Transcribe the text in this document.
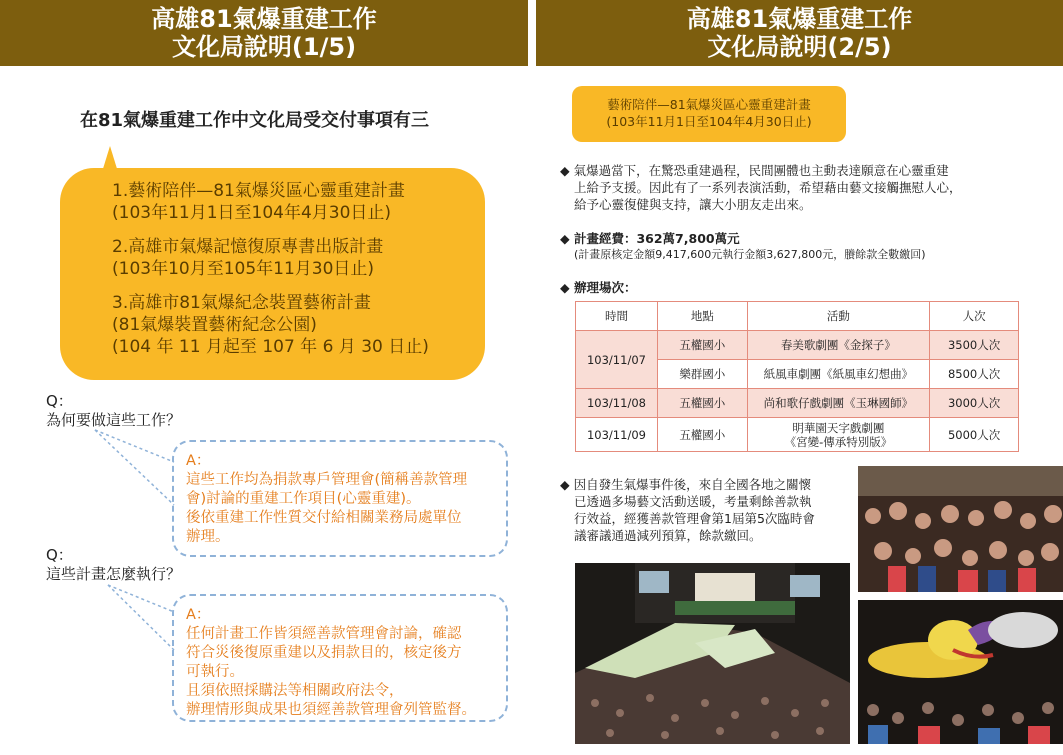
高雄81氣爆重建工作
文化局說明(1/5)
高雄81氣爆重建工作
文化局說明(2/5)
在81氣爆重建工作中文化局受交付事項有三
1.藝術陪伴—81氣爆災區心靈重建計畫
(103年11月1日至104年4月30日止)
2.高雄市氣爆記憶復原專書出版計畫
(103年10月至105年11月30日止)
3.高雄市81氣爆紀念裝置藝術計畫
(81氣爆裝置藝術紀念公園)
(104 年 11 月起至 107 年 6 月 30 日止)
Q：
為何要做這些工作？
A：
這些工作均為捐款專戶管理會(簡稱善款管理
會)討論的重建工作項目(心靈重建)。
後依重建工作性質交付給相關業務局處單位
辦理。
Q：
這些計畫怎麼執行？
A：
任何計畫工作皆須經善款管理會討論，確認
符合災後復原重建以及捐款目的，核定後方
可執行。
且須依照採購法等相關政府法令，
辦理情形與成果也須經善款管理會列管監督。
藝術陪伴—81氣爆災區心靈重建計畫
(103年11月1日至104年4月30日止)
◆ 氣爆過當下，在驚恐重建過程，民間團體也主動表達願意在心靈重建
上給予支援。因此有了一系列表演活動，希望藉由藝文接觸撫慰人心，
給予心靈復健與支持，讓大小朋友走出來。
◆ 計畫經費：362萬7,800萬元
(計畫原核定金額9,417,600元執行金額3,627,800元，賸餘款全數繳回)
◆ 辦理場次：
時間	地點	活動	人次
103/11/07	五權國小	春美歌劇團《金探子》	3500人次
	樂群國小	紙風車劇團《紙風車幻想曲》	8500人次
103/11/08	五權國小	尚和歌仔戲劇團《玉琳國師》	3000人次
103/11/09	五權國小	明華園天字戲劇團
《宮變-傳承特別版》	5000人次
◆ 因自發生氣爆事件後，來自全國各地之關懷
已透過多場藝文活動送暖，考量剩餘善款執
行效益，經獲善款管理會第1屆第5次臨時會
議審議通過減列預算，餘款繳回。
